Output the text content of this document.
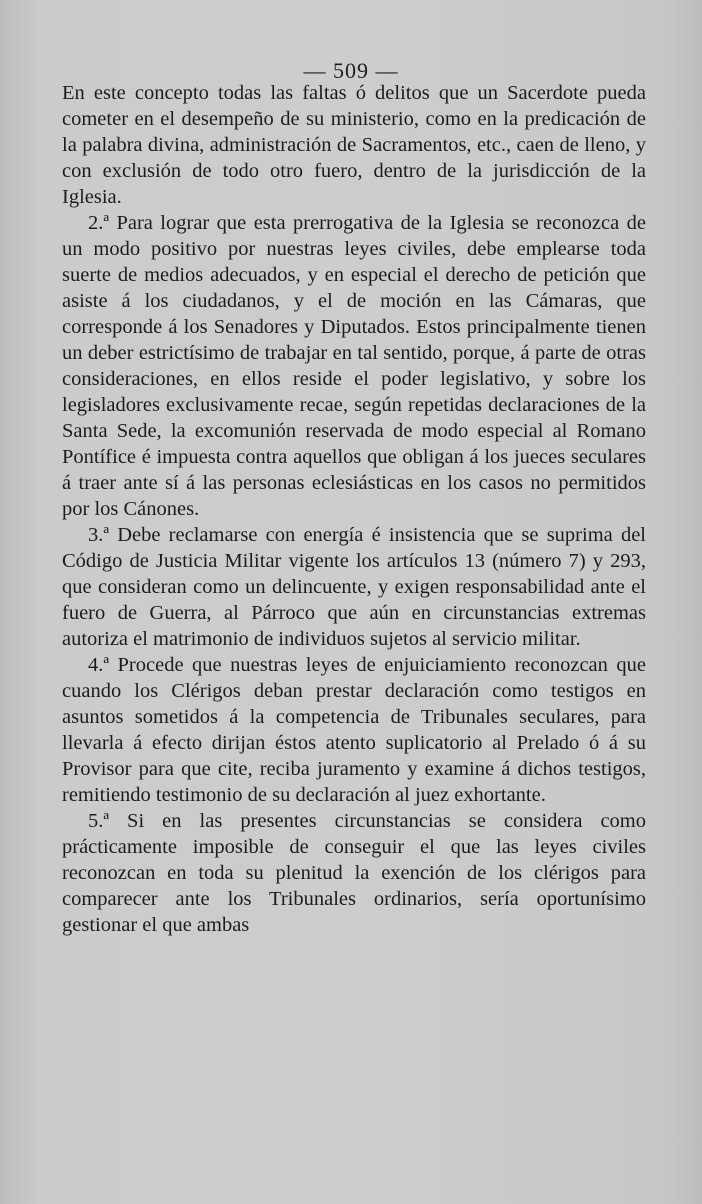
— 509 —

En este concepto todas las faltas ó delitos que un Sacerdote pueda cometer en el desempeño de su ministerio, como en la predicación de la palabra divina, administración de Sacramentos, etc., caen de lleno, y con exclusión de todo otro fuero, dentro de la jurisdicción de la Iglesia.

2.ª Para lograr que esta prerrogativa de la Iglesia se reconozca de un modo positivo por nuestras leyes civiles, debe emplearse toda suerte de medios adecuados, y en especial el derecho de petición que asiste á los ciudadanos, y el de moción en las Cámaras, que corresponde á los Senadores y Diputados. Estos principalmente tienen un deber estrictísimo de trabajar en tal sentido, porque, á parte de otras consideraciones, en ellos reside el poder legislativo, y sobre los legisladores exclusivamente recae, según repetidas declaraciones de la Santa Sede, la excomunión reservada de modo especial al Romano Pontífice é impuesta contra aquellos que obligan á los jueces seculares á traer ante sí á las personas eclesiásticas en los casos no permitidos por los Cánones.

3.ª Debe reclamarse con energía é insistencia que se suprima del Código de Justicia Militar vigente los artículos 13 (número 7) y 293, que consideran como un delincuente, y exigen responsabilidad ante el fuero de Guerra, al Párroco que aún en circunstancias extremas autoriza el matrimonio de individuos sujetos al servicio militar.

4.ª Procede que nuestras leyes de enjuiciamiento reconozcan que cuando los Clérigos deban prestar declaración como testigos en asuntos sometidos á la competencia de Tribunales seculares, para llevarla á efecto dirijan éstos atento suplicatorio al Prelado ó á su Provisor para que cite, reciba juramento y examine á dichos testigos, remitiendo testimonio de su declaración al juez exhortante.

5.ª Si en las presentes circunstancias se considera como prácticamente imposible de conseguir el que las leyes civiles reconozcan en toda su plenitud la exención de los clérigos para comparecer ante los Tribunales ordinarios, sería oportunísimo gestionar el que ambas
